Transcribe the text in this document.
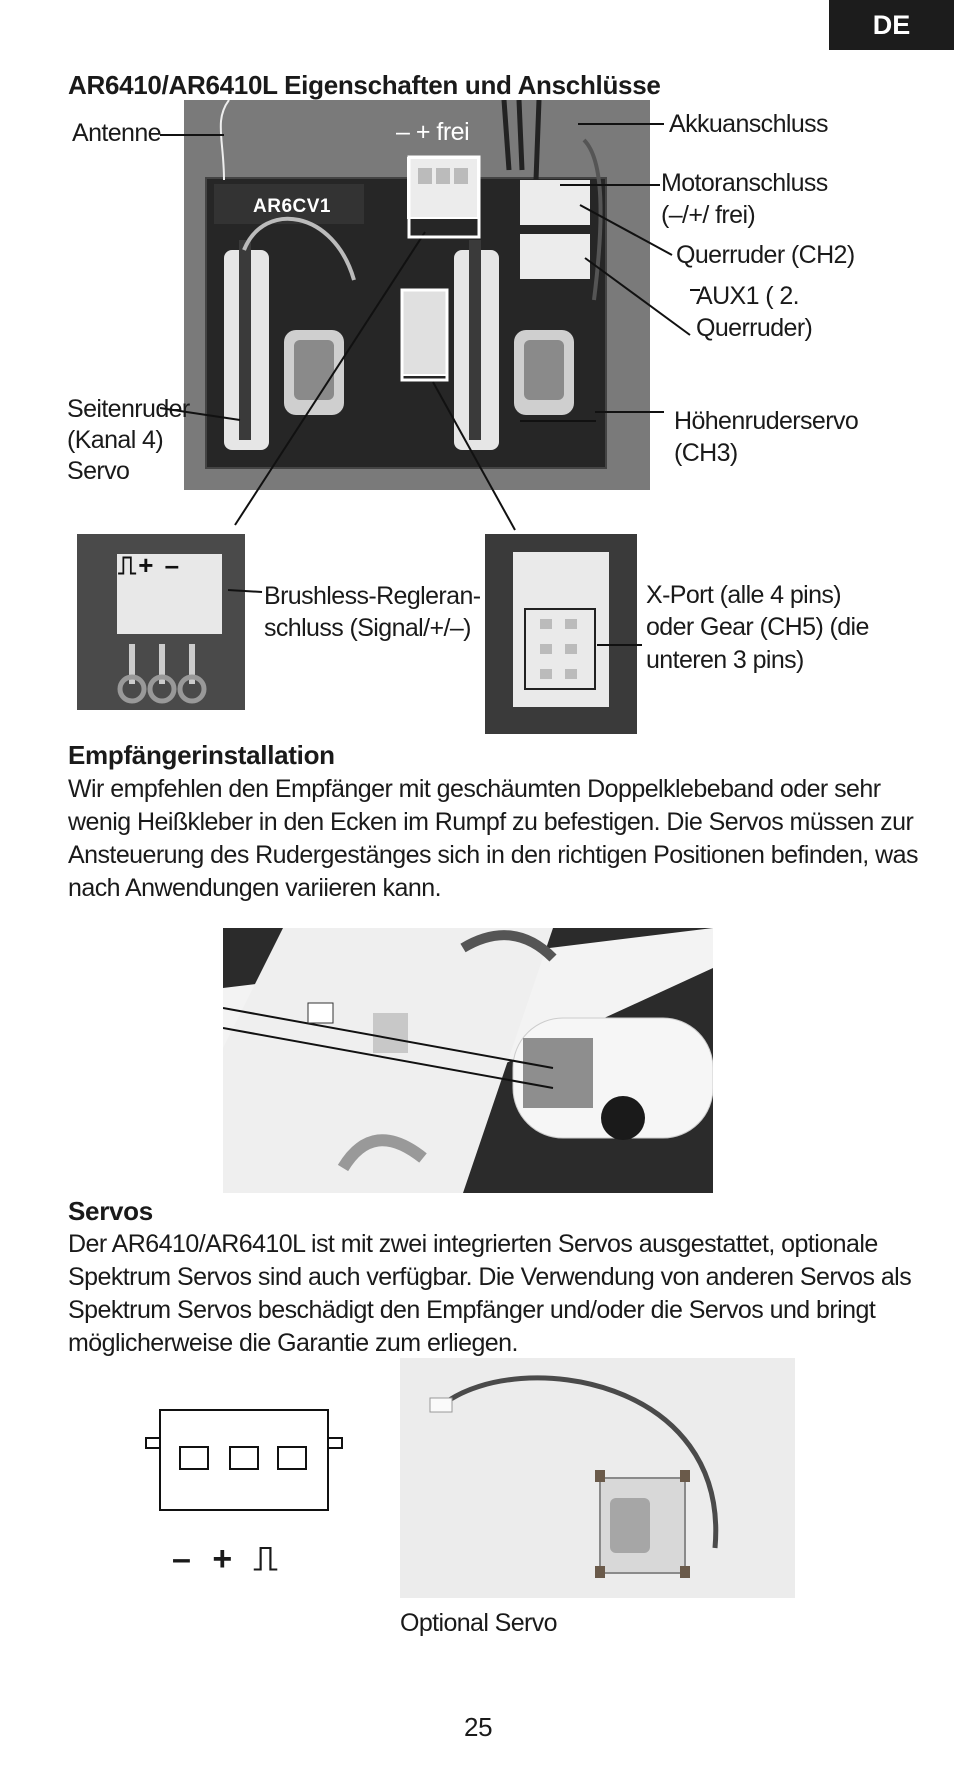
DE
AR6410/AR6410L Eigenschaften und Anschlüsse
AR6CV1
– + frei
Antenne
Seitenruder
(Kanal 4)
Servo
Akkuanschluss
Motoranschluss
(–/+/ frei)
Querruder (CH2)
AUX1 ( 2.
Querruder)
Höhenruderservo
(CH3)
⎍+ –
Brushless-Regleran-
schluss (Signal/+/–)
X-Port (alle 4 pins)
oder Gear (CH5) (die
unteren 3 pins)
Empfängerinstallation
Wir empfehlen den Empfänger mit geschäumten Doppelklebeband oder sehr
wenig Heißkleber in den Ecken im Rumpf zu befestigen. Die Servos müssen zur
Ansteuerung des Rudergestänges sich in den richtigen Positionen befinden, was
nach Anwendungen variieren kann.
Servos
Der AR6410/AR6410L ist mit zwei integrierten Servos ausgestattet, optionale
Spektrum Servos sind auch verfügbar. Die Verwendung von anderen Servos als
Spektrum Servos beschädigt den Empfänger und/oder die Servos und bringt
möglicherweise die Garantie zum erliegen.
– + ⎍
Optional Servo
25
